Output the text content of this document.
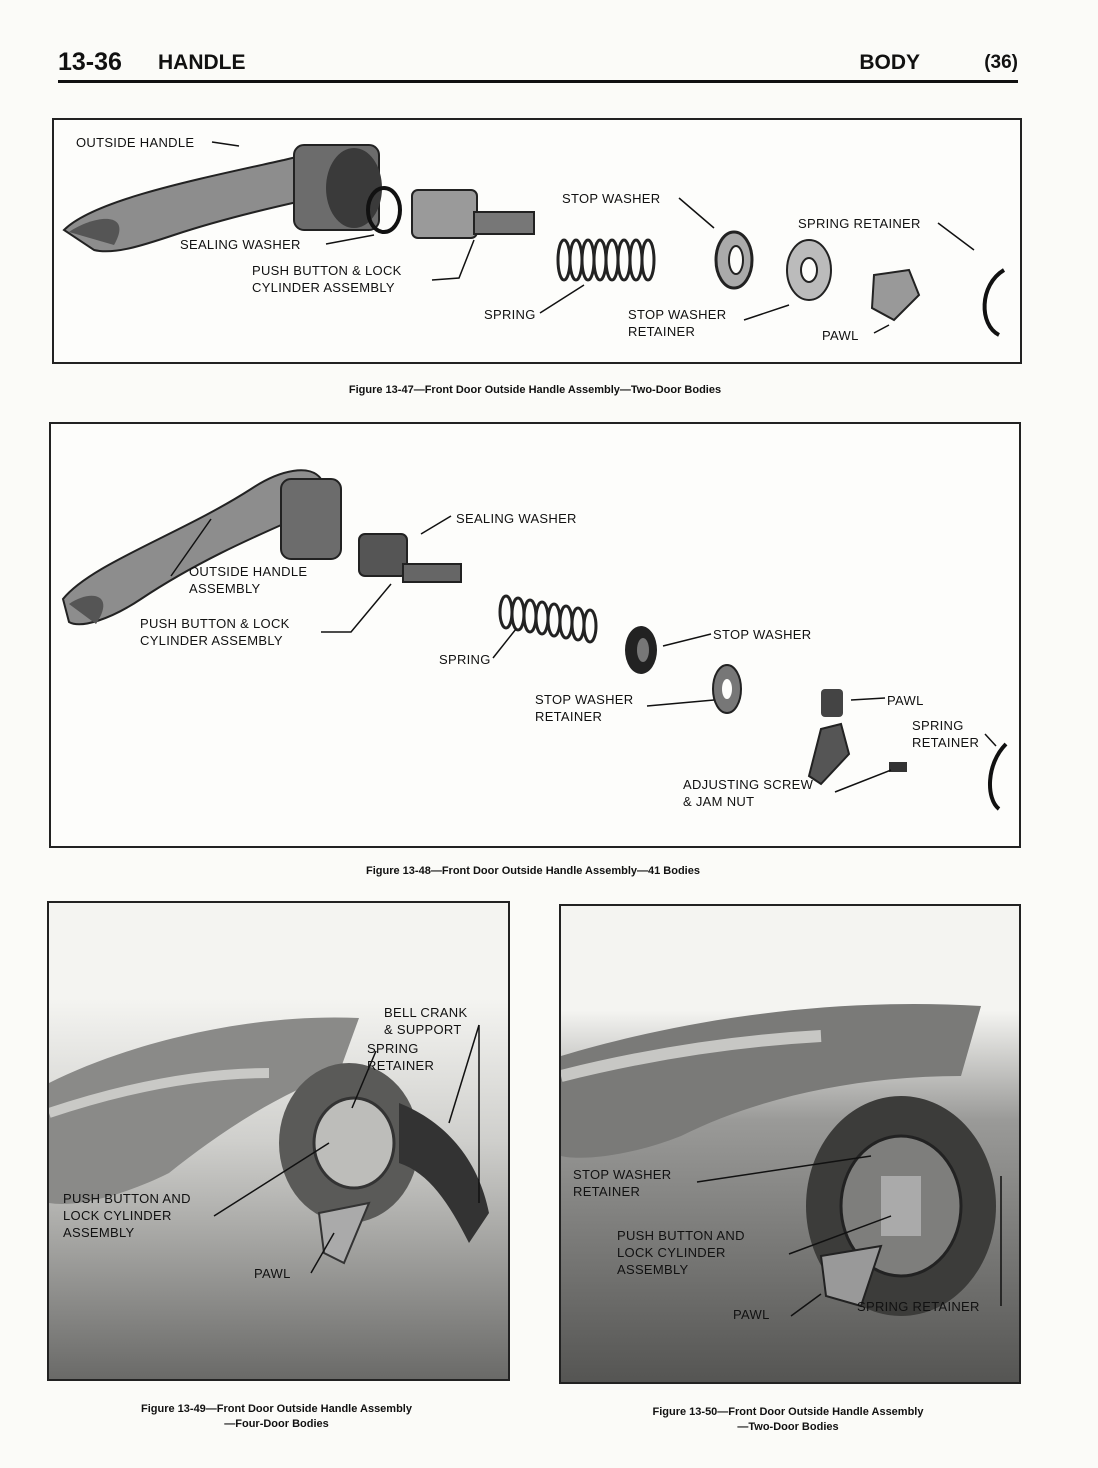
13-36 HANDLE	BODY	(36)
OUTSIDE HANDLE
SEALING WASHER
PUSH BUTTON & LOCK
CYLINDER ASSEMBLY
SPRING
STOP WASHER
STOP WASHER
RETAINER
SPRING RETAINER
PAWL
Figure 13-47—Front Door Outside Handle Assembly—Two-Door Bodies
SEALING WASHER
OUTSIDE HANDLE
ASSEMBLY
PUSH BUTTON & LOCK
CYLINDER ASSEMBLY
SPRING
STOP WASHER
STOP WASHER
RETAINER
PAWL
SPRING
RETAINER
ADJUSTING SCREW
& JAM NUT
Figure 13-48—Front Door Outside Handle Assembly—41 Bodies
BELL CRANK
& SUPPORT
SPRING
RETAINER
PUSH BUTTON AND
LOCK CYLINDER
ASSEMBLY
PAWL
Figure 13-49—Front Door Outside Handle Assembly
—Four-Door Bodies
STOP WASHER
RETAINER
PUSH BUTTON AND
LOCK CYLINDER
ASSEMBLY
PAWL
SPRING RETAINER
Figure 13-50—Front Door Outside Handle Assembly
—Two-Door Bodies
